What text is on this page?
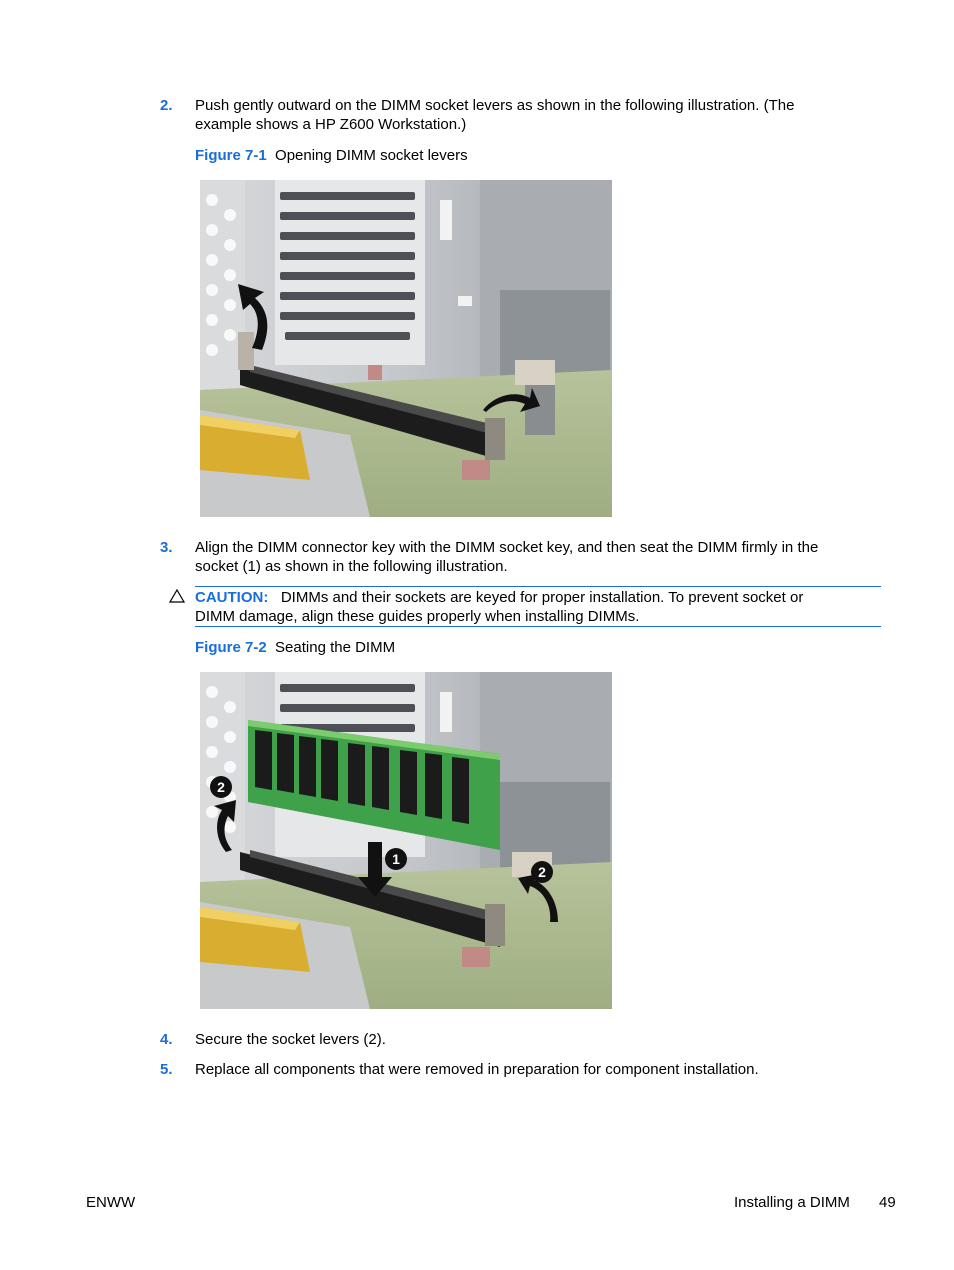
2. Push gently outward on the DIMM socket levers as shown in the following illustration. (The
example shows a HP Z600 Workstation.)
Figure 7-1 Opening DIMM socket levers
3. Align the DIMM connector key with the DIMM socket key, and then seat the DIMM firmly in the
socket (1) as shown in the following illustration.
CAUTION: DIMMs and their sockets are keyed for proper installation. To prevent socket or
DIMM damage, align these guides properly when installing DIMMs.
Figure 7-2 Seating the DIMM
2
1
2
4. Secure the socket levers (2).
5. Replace all components that were removed in preparation for component installation.
ENWW	Installing a DIMM 49
